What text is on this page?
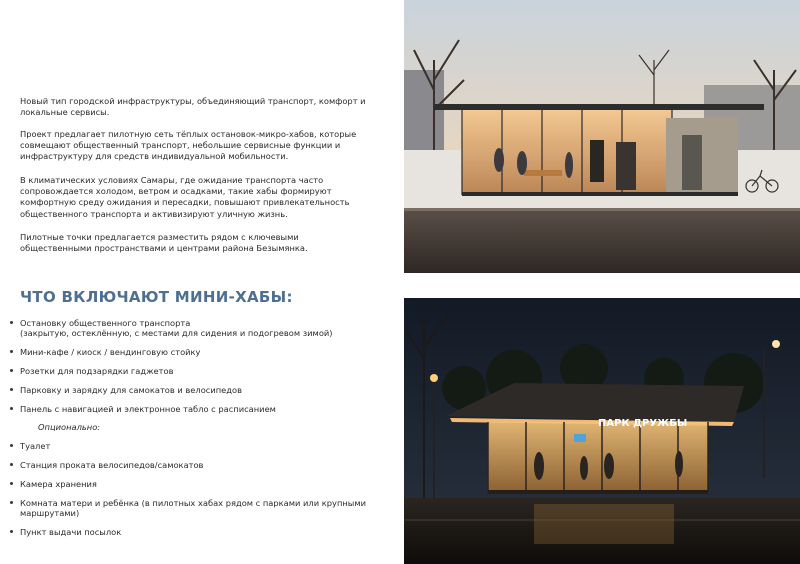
Новый тип городской инфраструктуры, объединяющий транспорт, комфорт и локальные сервисы.

Проект предлагает пилотную сеть тёплых остановок-микро-хабов, которые совмещают общественный транспорт, небольшие сервисные функции и инфраструктуру для средств индивидуальной мобильности.

В климатических условиях Самары, где ожидание транспорта часто сопровождается холодом, ветром и осадками, такие хабы формируют комфортную среду ожидания и пересадки, повышают привлекательность общественного транспорта и активизируют уличную жизнь.

Пилотные точки предлагается разместить рядом с ключевыми общественными пространствами и центрами района Безымянка.

ЧТО ВКЛЮЧАЮТ МИНИ-ХАБЫ:
Остановку общественного транспорта
(закрытую, остеклённую, с местами для сидения и подогревом зимой)
Мини-кафе / киоск / вендинговую стойку
Розетки для подзарядки гаджетов
Парковку и зарядку для самокатов и велосипедов
Панель с навигацией и электронное табло с расписанием
Опционально:
Туалет
Станция проката велосипедов/самокатов
Камера хранения
Комната матери и ребёнка (в пилотных хабах рядом с парками или крупными
маршрутами)
Пункт выдачи посылок
ПАРК ДРУЖБЫ
